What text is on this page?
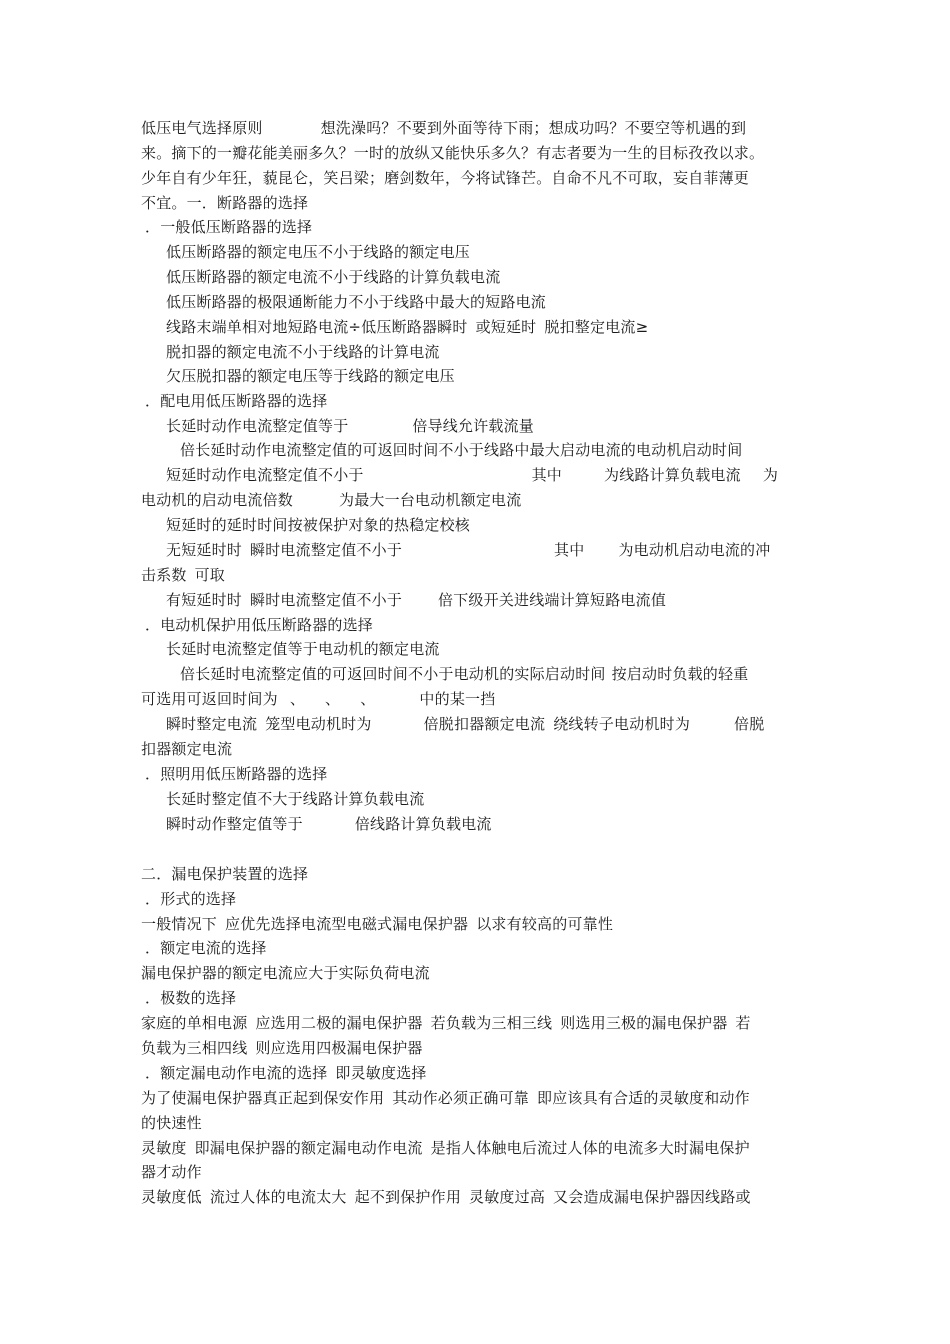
低压电气选择原则	想洗澡吗？不要到外面等待下雨；想成功吗？不要空等机遇的到
来。摘下的一瓣花能美丽多久？一时的放纵又能快乐多久？有志者要为一生的目标孜孜以求。
少年自有少年狂，藐昆仑，笑吕梁；磨剑数年，今将试锋芒。自命不凡不可取，妄自菲薄更
不宜。一．断路器的选择
．一般低压断路器的选择
低压断路器的额定电压不小于线路的额定电压
低压断路器的额定电流不小于线路的计算负载电流
低压断路器的极限通断能力不小于线路中最大的短路电流
线路末端单相对地短路电流÷低压断路器瞬时 或短延时 脱扣整定电流≥
脱扣器的额定电流不小于线路的计算电流
欠压脱扣器的额定电压等于线路的额定电压
．配电用低压断路器的选择
长延时动作电流整定值等于	倍导线允许载流量
倍长延时动作电流整定值的可返回时间不小于线路中最大启动电流的电动机启动时间
短延时动作电流整定值不小于	其中	为线路计算负载电流 为
电动机的启动电流倍数	为最大一台电动机额定电流
短延时的延时时间按被保护对象的热稳定校核
无短延时时 瞬时电流整定值不小于	其中 为电动机启动电流的冲
击系数 可取
有短延时时 瞬时电流整定值不小于 倍下级开关进线端计算短路电流值
．电动机保护用低压断路器的选择
长延时电流整定值等于电动机的额定电流
倍长延时电流整定值的可返回时间不小于电动机的实际启动时间 按启动时负载的轻重
可选用可返回时间为 、 、 、	中的某一挡
瞬时整定电流 笼型电动机时为	倍脱扣器额定电流 绕线转子电动机时为	倍脱
扣器额定电流
．照明用低压断路器的选择
长延时整定值不大于线路计算负载电流
瞬时动作整定值等于	倍线路计算负载电流
二．漏电保护装置的选择
．形式的选择
一般情况下 应优先选择电流型电磁式漏电保护器 以求有较高的可靠性
．额定电流的选择
漏电保护器的额定电流应大于实际负荷电流
．极数的选择
家庭的单相电源 应选用二极的漏电保护器 若负载为三相三线 则选用三极的漏电保护器 若
负载为三相四线 则应选用四极漏电保护器
．额定漏电动作电流的选择 即灵敏度选择
为了使漏电保护器真正起到保安作用 其动作必须正确可靠 即应该具有合适的灵敏度和动作
的快速性
灵敏度 即漏电保护器的额定漏电动作电流 是指人体触电后流过人体的电流多大时漏电保护
器才动作
灵敏度低 流过人体的电流太大 起不到保护作用 灵敏度过高 又会造成漏电保护器因线路或
